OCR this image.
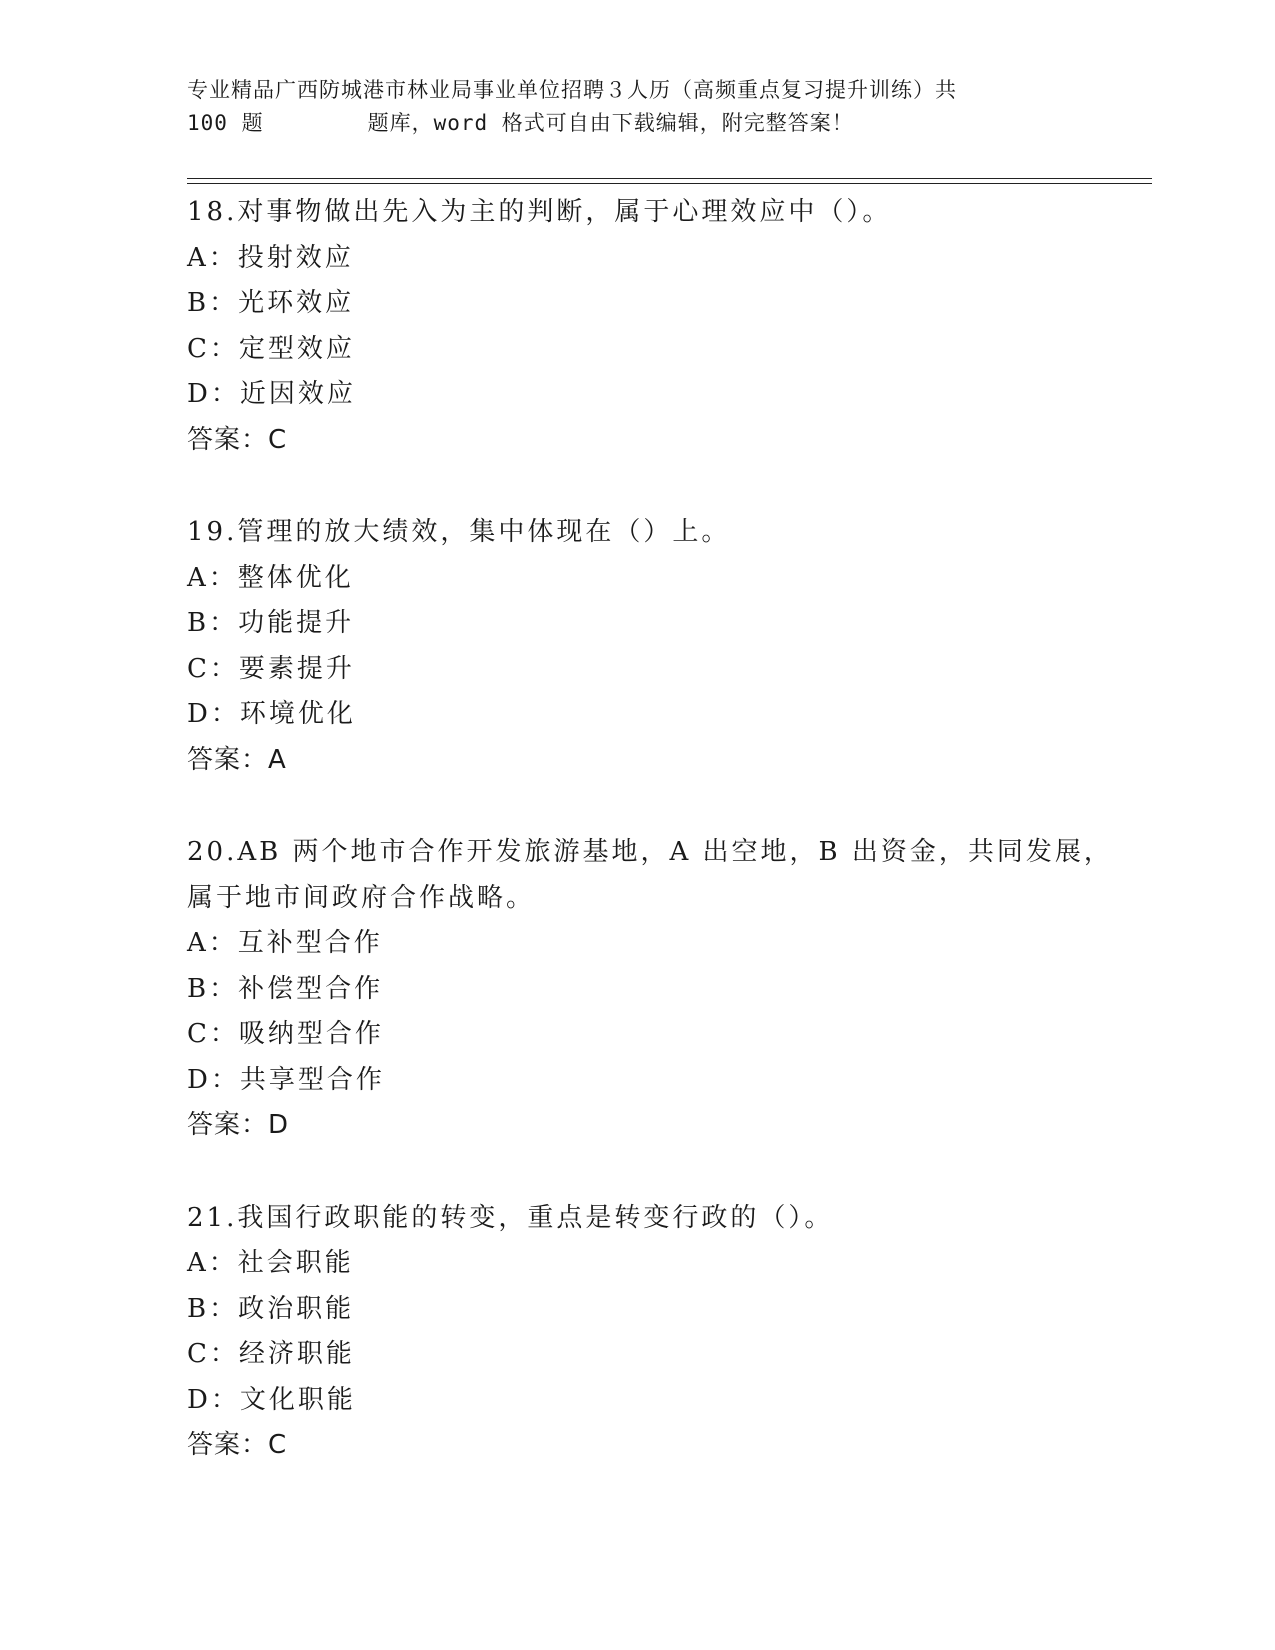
专业精品广西防城港市林业局事业单位招聘３人历（高频重点复习提升训练）共
100 题	题库，word 格式可自由下载编辑，附完整答案！
18.对事物做出先入为主的判断，属于心理效应中（）。
A：投射效应
B：光环效应
C：定型效应
D：近因效应
答案：C
19.管理的放大绩效，集中体现在（）上。
A：整体优化
B：功能提升
C：要素提升
D：环境优化
答案：A
20.AB 两个地市合作开发旅游基地，A 出空地，B 出资金，共同发展，
属于地市间政府合作战略。
A：互补型合作
B：补偿型合作
C：吸纳型合作
D：共享型合作
答案：D
21.我国行政职能的转变，重点是转变行政的（）。
A：社会职能
B：政治职能
C：经济职能
D：文化职能
答案：C
